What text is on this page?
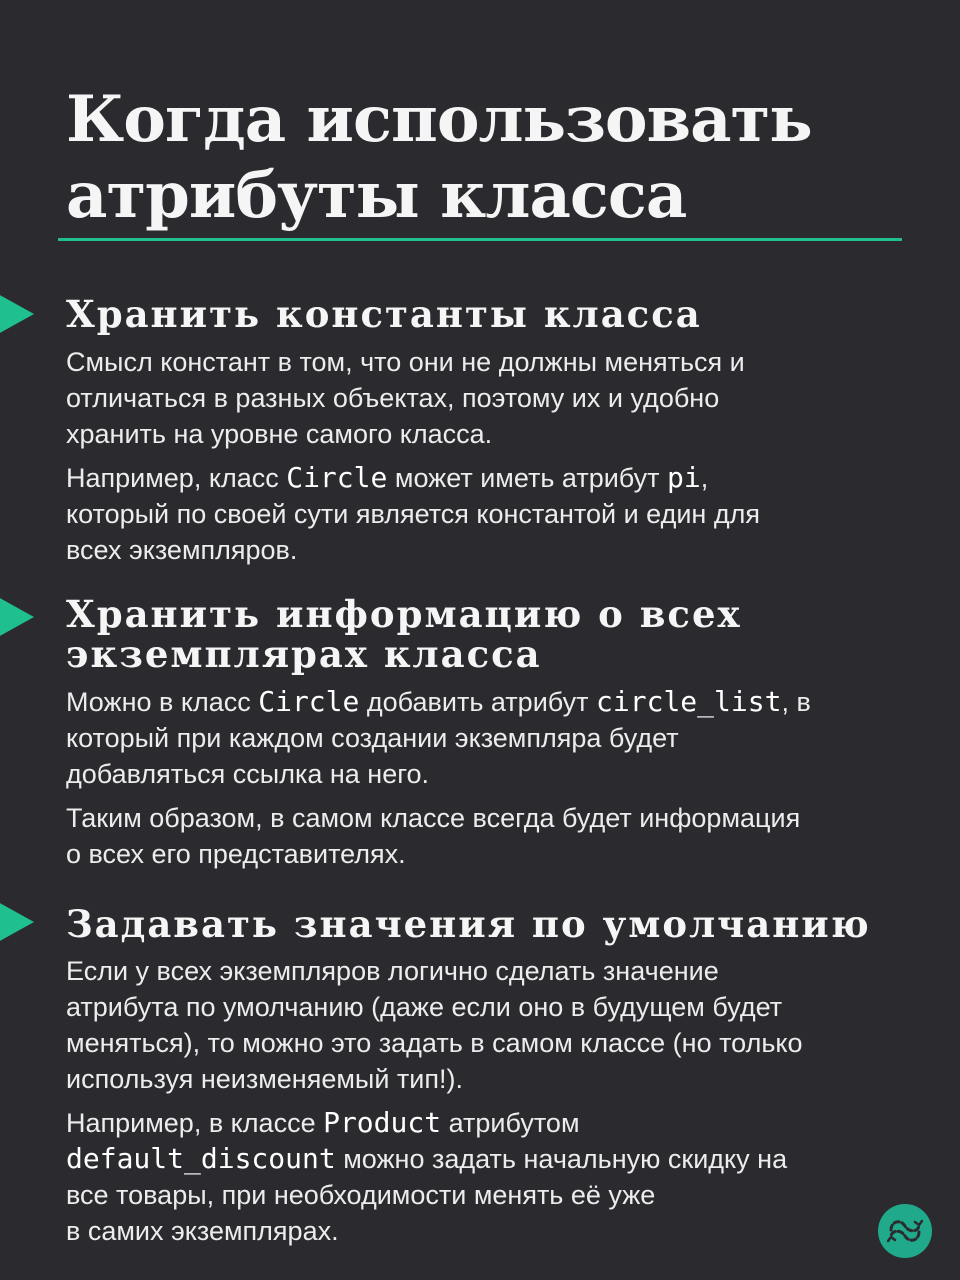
Когда использовать
атрибуты класса
Хранить константы класса

Смысл констант в том, что они не должны меняться и
отличаться в разных объектах, поэтому их и удобно
хранить на уровне самого класса.

Например, класс Circle может иметь атрибут pi,
который по своей сути является константой и един для
всех экземпляров.

Хранить информацию о всех
экземплярах класса

Можно в класс Circle добавить атрибут circle_list, в
который при каждом создании экземпляра будет
добавляться ссылка на него.

Таким образом, в самом классе всегда будет информация
о всех его представителях.

Задавать значения по умолчанию

Если у всех экземпляров логично сделать значение
атрибута по умолчанию (даже если оно в будущем будет
меняться), то можно это задать в самом классе (но только
используя неизменяемый тип!).

Например, в классе Product атрибутом
default_discount можно задать начальную скидку на
все товары, при необходимости менять её уже
в самих экземплярах.
